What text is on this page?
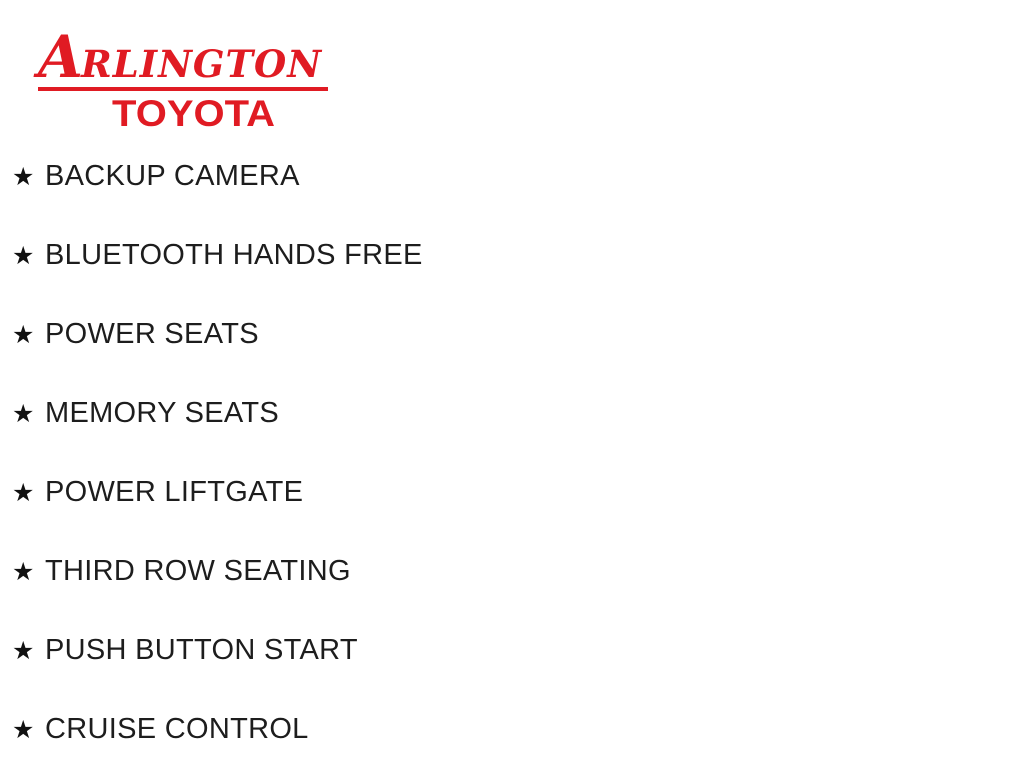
ARLINGTON
TOYOTA
★ BACKUP CAMERA
★ BLUETOOTH HANDS FREE
★ POWER SEATS
★ MEMORY SEATS
★ POWER LIFTGATE
★ THIRD ROW SEATING
★ PUSH BUTTON START
★ CRUISE CONTROL
